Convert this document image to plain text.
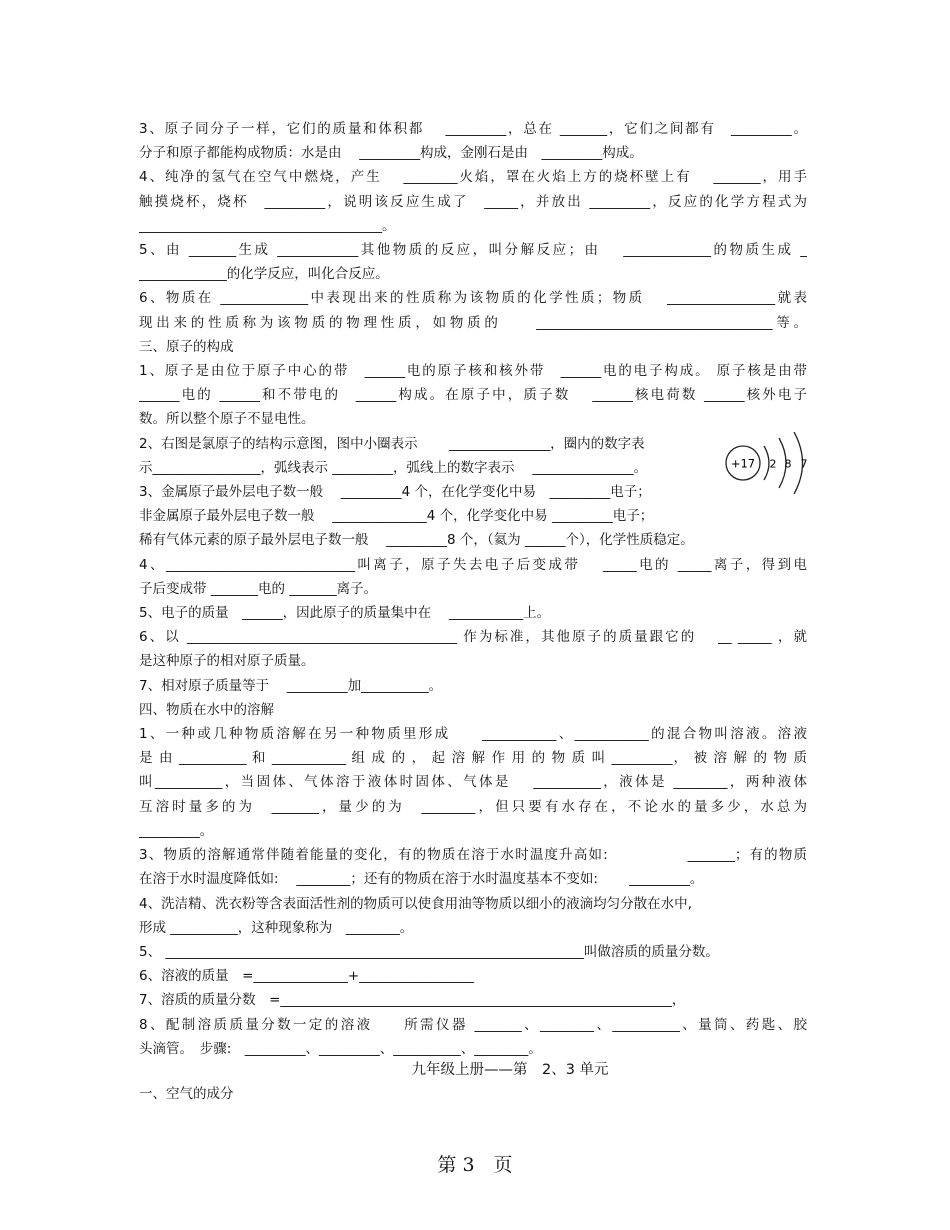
3、原子同分子一样，它们的质量和体积都　 _________，总在 _______，它们之间都有　_________。

分子和原子都能构成物质：水是由　 _________构成，金刚石是由　_________构成。

4、纯净的氢气在空气中燃烧，产生　 ________火焰，罩在火焰上方的烧杯壁上有　 _______，用手

触摸烧杯，烧杯　_________，说明该反应生成了　_____，并放出 _________，反应的化学方程式为

____________________________________。

5、由 _______生成 ____________其他物质的反应，叫分解反应；由　 _____________的物质生成 _

_____________的化学反应，叫化合反应。

6、物质在 _____________中表现出来的性质称为该物质的化学性质；物质　 ________________就表

现出来的性质称为该物质的物理性质，如物质的　　___________________________________等。

三、原子的构成

1、原子是由位于原子中心的带　______电的原子核和核外带　______电的电子构成。 原子核是由带

______电的 ______和不带电的　______构成。在原子中，质子数　 ______核电荷数 ______核外电子

数。所以整个原子不显电性。

2、右图是氯原子的结构示意图，图中小圈表示　　 _______________，圈内的数字表

示________________，弧线表示 _________，弧线上的数字表示　 _______________。

3、金属原子最外层电子数一般　 _________4 个，在化学变化中易　_________电子；

非金属原子最外层电子数一般　 ______________4 个，化学变化中易 _________电子；

稀有气体元素的原子最外层电子数一般　 _________8 个，（氦为 ______个），化学性质稳定。

4、____________________________叫离子，原子失去电子后变成带　 _____电的 _____离子，得到电

子后变成带 _______电的 _______离子。

5、电子的质量　______，因此原子的质量集中在　 ___________上。

6、以 ________________________________________ 作为标准，其他原子的质量跟它的　 __ _____ ，就

是这种原子的相对原子质量。

7、相对原子质量等于　 _________加__________。

四、物质在水中的溶解

1、一种或几种物质溶解在另一种物质里形成　　___________、___________的混合物叫溶液。溶液

是 由 __________ 和 ___________ 组 成 的 ， 起 溶 解 作 用 的 物 质 叫 _________， 被 溶 解 的 物 质

叫__________，当固体、气体溶于液体时固体、气体是　 __________，液体是 ________，两种液体

互溶时量多的为　_______，量少的为　________，但只要有水存在，不论水的量多少，水总为

_________。

3、物质的溶解通常伴随着能量的变化，有的物质在溶于水时温度升高如:　　　　　 _______；有的物质

在溶于水时温度降低如:　 ________；还有的物质在溶于水时温度基本不变如:　　 _________。

4、洗洁精、洗衣粉等含表面活性剂的物质可以使食用油等物质以细小的液滴均匀分散在水中,

形成 __________，这种现象称为　________。

5、 ______________________________________________________________叫做溶质的质量分数。

6、溶液的质量　=______________+_________________

7、溶质的质量分数　=__________________________________________________________，

8、配制溶质质量分数一定的溶液　　所需仪器 _______、________、__________、量筒、药匙、胶

头滴管。　步骤:　_________、_________、__________、________。

+17 2 8 7
九年级上册——第　2、3 单元
一、空气的成分
第 3　页
